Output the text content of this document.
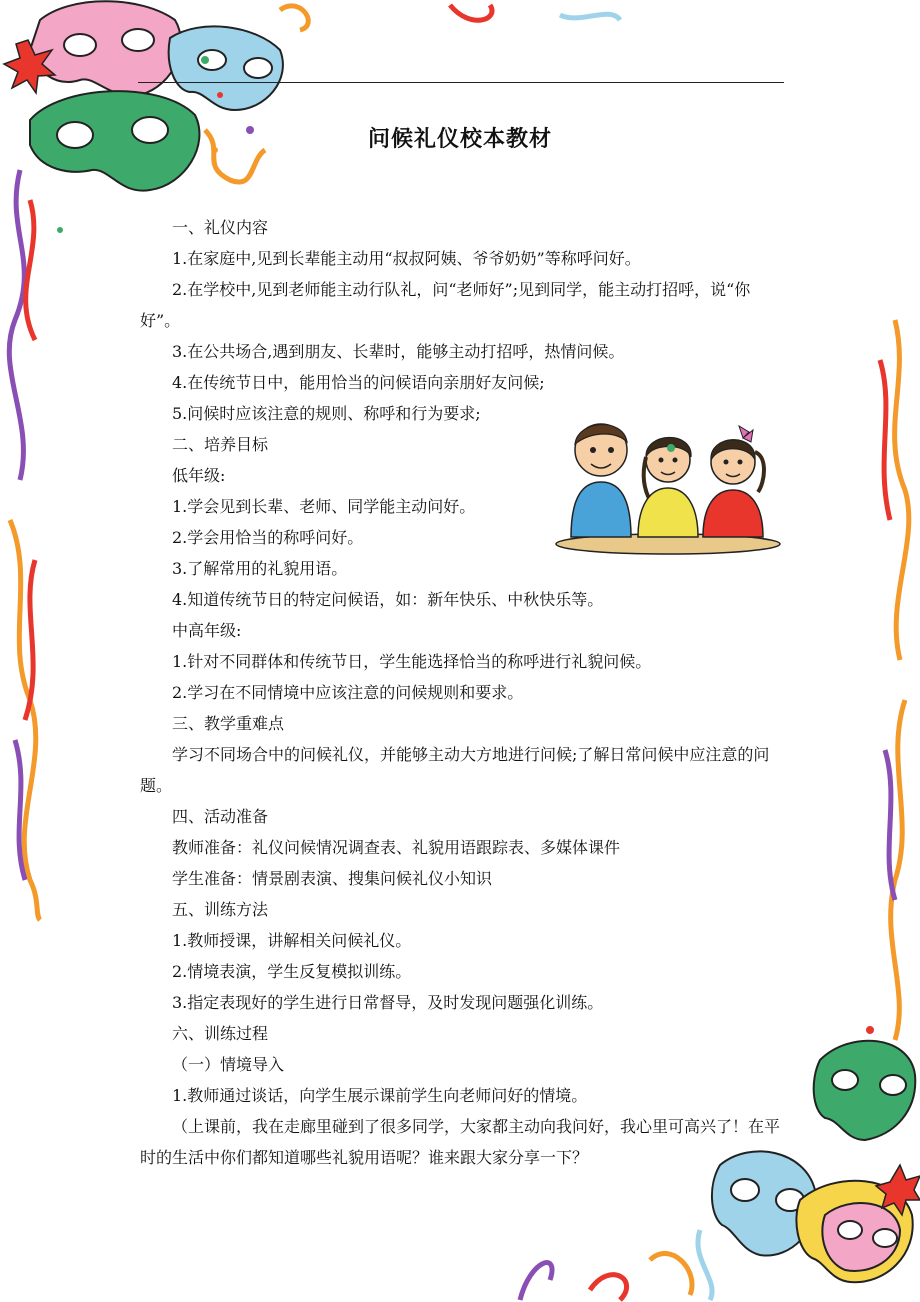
问候礼仪校本教材

一、礼仪内容

1.在家庭中,见到长辈能主动用“叔叔阿姨、爷爷奶奶”等称呼问好。

2.在学校中,见到老师能主动行队礼，问“老师好”;见到同学，能主动打招呼，说“你好”。

3.在公共场合,遇到朋友、长辈时，能够主动打招呼，热情问候。

4.在传统节日中，能用恰当的问候语向亲朋好友问候;

5.问候时应该注意的规则、称呼和行为要求;

二、培养目标

低年级:

1.学会见到长辈、老师、同学能主动问好。

2.学会用恰当的称呼问好。

3.了解常用的礼貌用语。

4.知道传统节日的特定问候语，如：新年快乐、中秋快乐等。

中高年级:

1.针对不同群体和传统节日，学生能选择恰当的称呼进行礼貌问候。

2.学习在不同情境中应该注意的问候规则和要求。

三、教学重难点

学习不同场合中的问候礼仪，并能够主动大方地进行问候;了解日常问候中应注意的问题。

四、活动准备

教师准备：礼仪问候情况调查表、礼貌用语跟踪表、多媒体课件

学生准备：情景剧表演、搜集问候礼仪小知识

五、训练方法

1.教师授课，讲解相关问候礼仪。

2.情境表演，学生反复模拟训练。

3.指定表现好的学生进行日常督导，及时发现问题强化训练。

六、训练过程

（一）情境导入

1.教师通过谈话，向学生展示课前学生向老师问好的情境。

（上课前，我在走廊里碰到了很多同学，大家都主动向我问好，我心里可高兴了！在平时的生活中你们都知道哪些礼貌用语呢？谁来跟大家分享一下？
